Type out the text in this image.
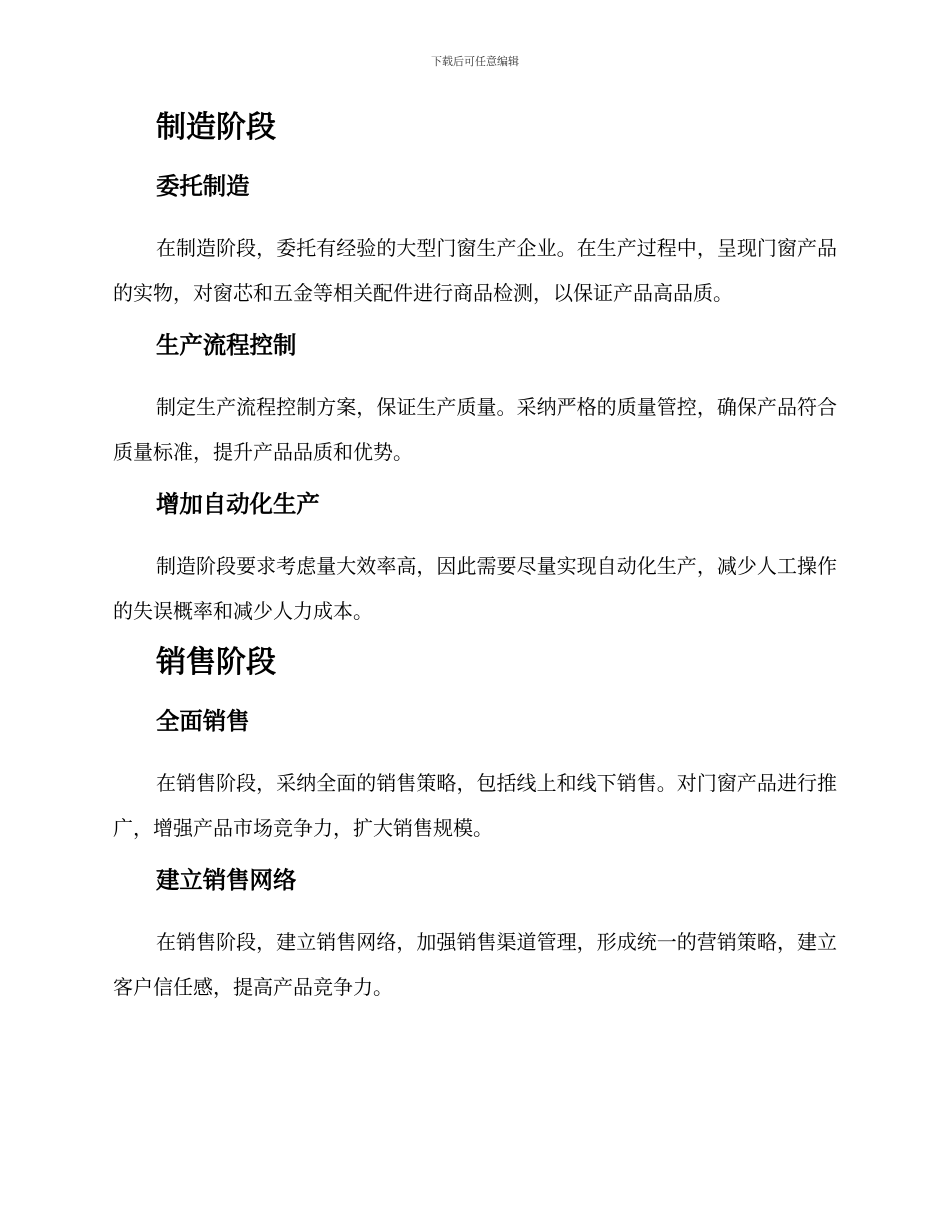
下载后可任意编辑
制造阶段
委托制造

在制造阶段，委托有经验的大型门窗生产企业。在生产过程中，呈现门窗产品的实物，对窗芯和五金等相关配件进行商品检测，以保证产品高品质。

生产流程控制

制定生产流程控制方案，保证生产质量。采纳严格的质量管控，确保产品符合质量标准，提升产品品质和优势。

增加自动化生产

制造阶段要求考虑量大效率高，因此需要尽量实现自动化生产，减少人工操作的失误概率和减少人力成本。

销售阶段
全面销售

在销售阶段，采纳全面的销售策略，包括线上和线下销售。对门窗产品进行推广，增强产品市场竞争力，扩大销售规模。

建立销售网络

在销售阶段，建立销售网络，加强销售渠道管理，形成统一的营销策略，建立客户信任感，提高产品竞争力。
